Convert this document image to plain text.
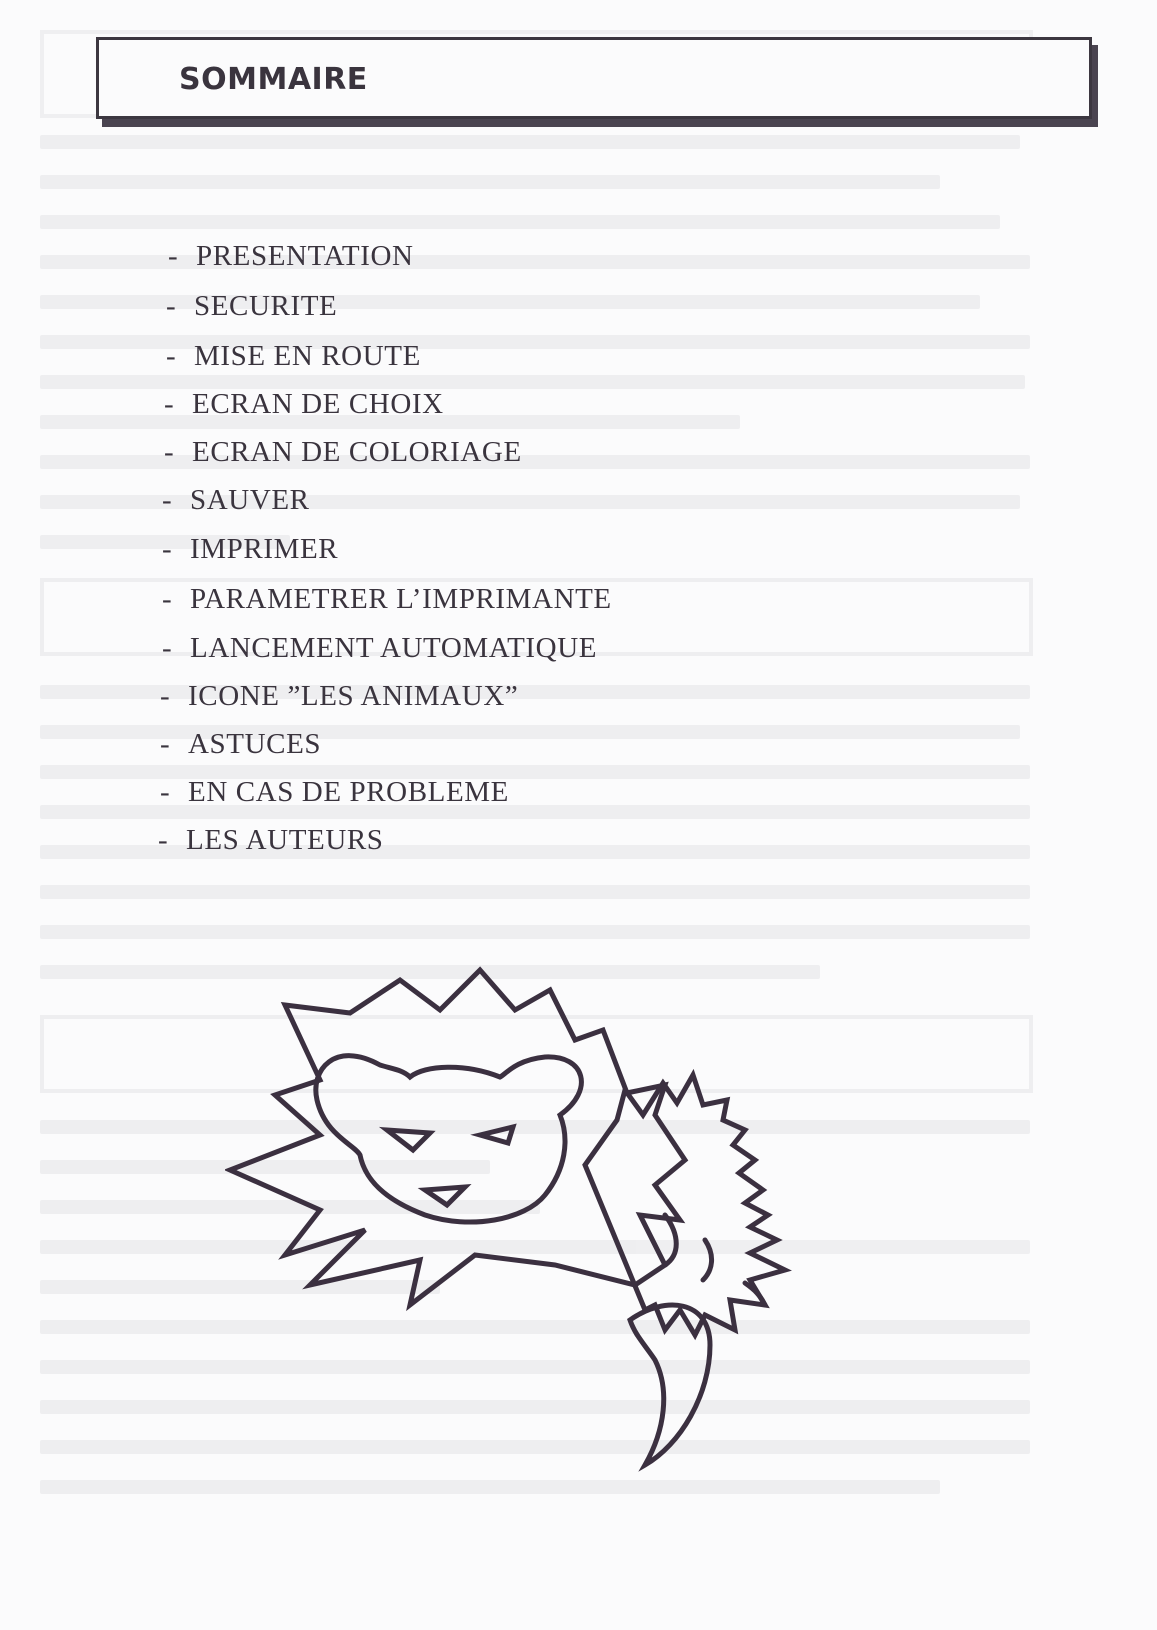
SOMMAIRE
- PRESENTATION
- SECURITE
- MISE EN ROUTE
- ECRAN DE CHOIX
- ECRAN DE COLORIAGE
- SAUVER
- IMPRIMER
- PARAMETRER L’IMPRIMANTE
- LANCEMENT AUTOMATIQUE
- ICONE ”LES ANIMAUX”
- ASTUCES
- EN CAS DE PROBLEME
- LES AUTEURS
